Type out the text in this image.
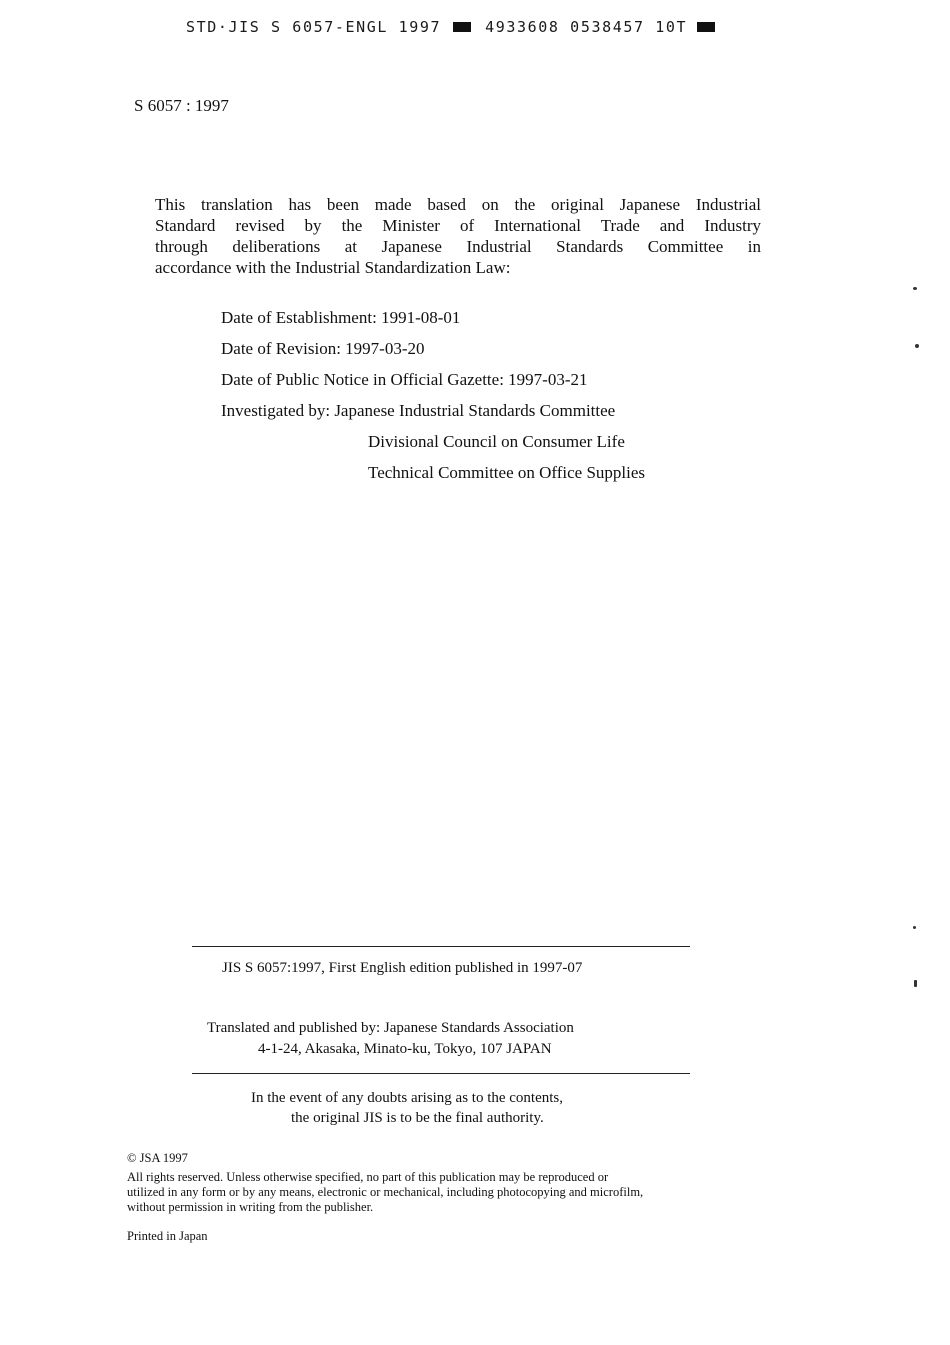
STD·JIS S 6057-ENGL 1997	4933608 0538457 10T
S 6057 : 1997
This translation has been made based on the original Japanese Industrial
Standard revised by the Minister of International Trade and Industry
through deliberations at Japanese Industrial Standards Committee in
accordance with the Industrial Standardization Law:
Date of Establishment: 1991-08-01
Date of Revision: 1997-03-20
Date of Public Notice in Official Gazette: 1997-03-21
Investigated by: Japanese Industrial Standards Committee
Divisional Council on Consumer Life
Technical Committee on Office Supplies
JIS S 6057:1997, First English edition published in 1997-07
Translated and published by: Japanese Standards Association
4-1-24, Akasaka, Minato-ku, Tokyo, 107 JAPAN
In the event of any doubts arising as to the contents,
the original JIS is to be the final authority.
© JSA 1997
All rights reserved. Unless otherwise specified, no part of this publication may be reproduced or
utilized in any form or by any means, electronic or mechanical, including photocopying and microfilm,
without permission in writing from the publisher.
Printed in Japan
